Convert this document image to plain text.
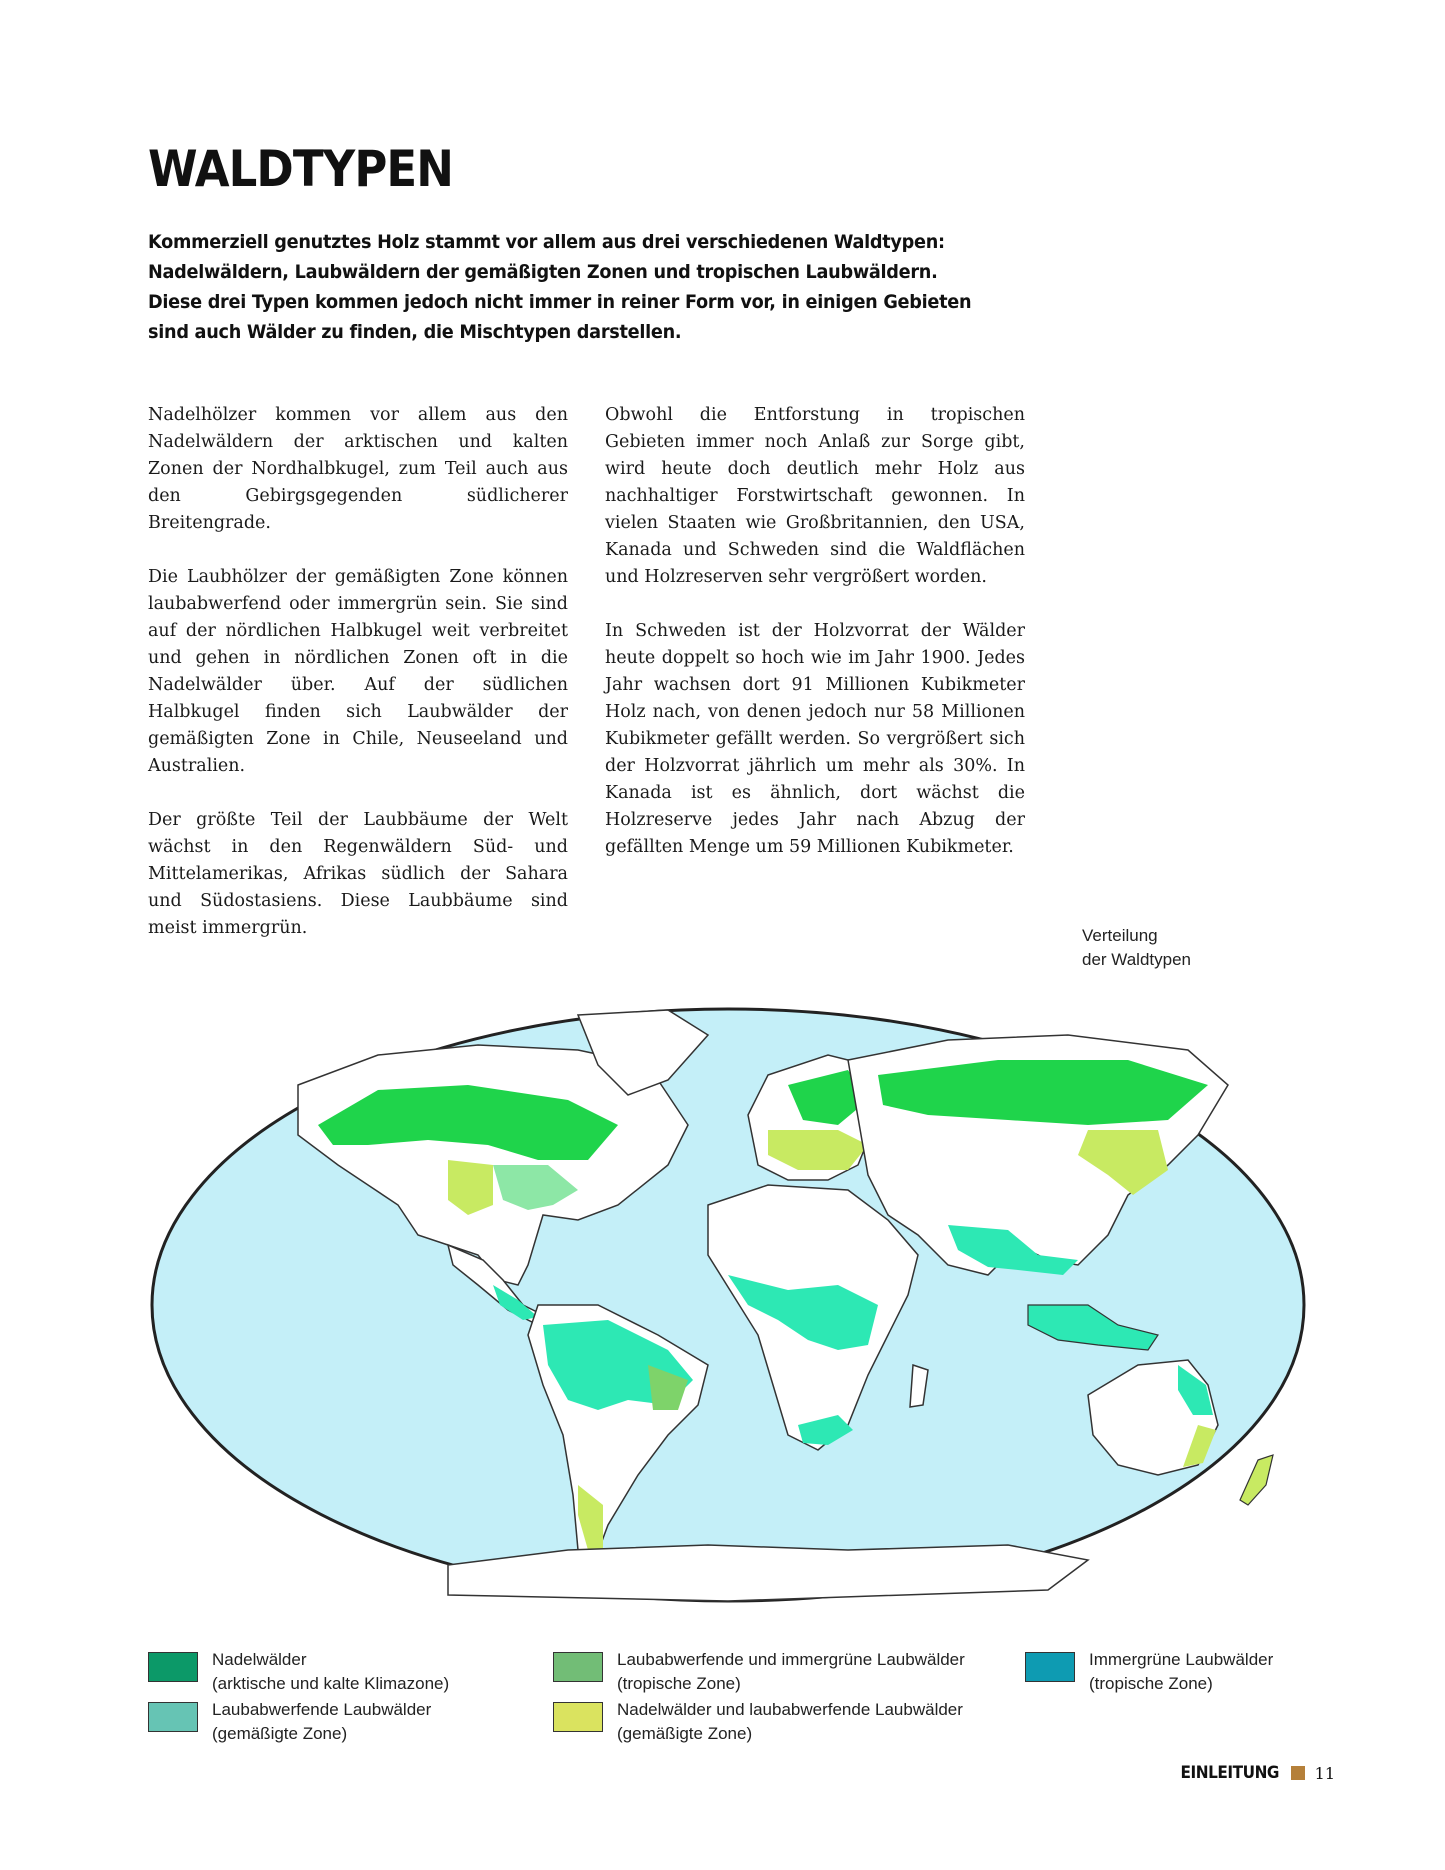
WALDTYPEN
Kommerziell genutztes Holz stammt vor allem aus drei verschiedenen Waldtypen: Nadelwäldern, Laubwäldern der gemäßigten Zonen und tropischen Laubwäldern. Diese drei Typen kommen jedoch nicht immer in reiner Form vor, in einigen Gebieten sind auch Wälder zu finden, die Mischtypen darstellen.

Nadelhölzer kommen vor allem aus den Nadelwäldern der arktischen und kalten Zonen der Nordhalbkugel, zum Teil auch aus den Gebirgsgegenden südlicherer Breitengrade.

Die Laubhölzer der gemäßigten Zone können laubabwerfend oder immergrün sein. Sie sind auf der nördlichen Halbkugel weit verbreitet und gehen in nördlichen Zonen oft in die Nadelwälder über. Auf der südlichen Halbkugel finden sich Laubwälder der gemäßigten Zone in Chile, Neuseeland und Australien.

Der größte Teil der Laubbäume der Welt wächst in den Regenwäldern Süd- und Mittelamerikas, Afrikas südlich der Sahara und Südostasiens. Diese Laubbäume sind meist immergrün.

Obwohl die Entforstung in tropischen Gebieten immer noch Anlaß zur Sorge gibt, wird heute doch deutlich mehr Holz aus nachhaltiger Forstwirtschaft gewonnen. In vielen Staaten wie Großbritannien, den USA, Kanada und Schweden sind die Waldflächen und Holzreserven sehr vergrößert worden.

In Schweden ist der Holzvorrat der Wälder heute doppelt so hoch wie im Jahr 1900. Jedes Jahr wachsen dort 91 Millionen Kubikmeter Holz nach, von denen jedoch nur 58 Millionen Kubikmeter gefällt werden. So vergrößert sich der Holzvorrat jährlich um mehr als 30%. In Kanada ist es ähnlich, dort wächst die Holzreserve jedes Jahr nach Abzug der gefällten Menge um 59 Millionen Kubikmeter.

Verteilung
der Waldtypen
Nadelwälder
(arktische und kalte Klimazone)
Laubabwerfende Laubwälder
(gemäßigte Zone)
Laubabwerfende und immergrüne Laubwälder
(tropische Zone)
Nadelwälder und laubabwerfende Laubwälder
(gemäßigte Zone)
Immergrüne Laubwälder
(tropische Zone)
EINLEITUNG 11
